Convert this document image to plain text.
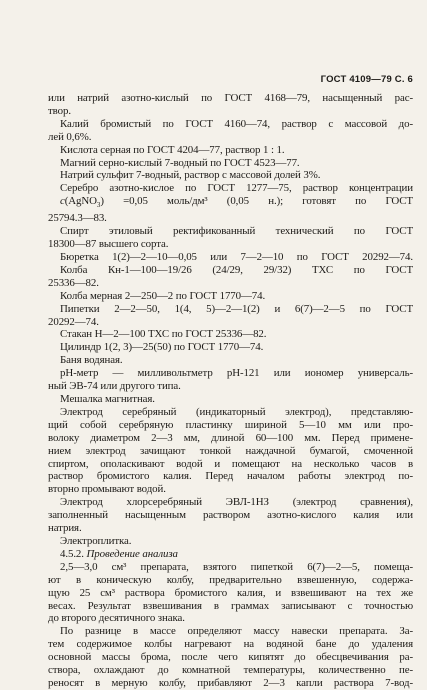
ГОСТ 4109—79 С. 6
или натрий азотно-кислый по ГОСТ 4168—79, насыщенный рас-
твор.
Калий бромистый по ГОСТ 4160—74, раствор с массовой до-
лей 0,6%.
Кислота серная по ГОСТ 4204—77, раствор 1 : 1.
Магний серно-кислый 7-водный по ГОСТ 4523—77.
Натрий сульфит 7-водный, раствор с массовой долей 3%.
Серебро азотно-кислое по ГОСТ 1277—75, раствор концентрации
c(AgNO$_3$) =0,05 моль/дм³ (0,05 н.); готовят по ГОСТ
25794.3—83.
Спирт этиловый ректификованный технический по ГОСТ
18300—87 высшего сорта.
Бюретка 1(2)—2—10—0,05 или 7—2—10 по ГОСТ 20292—74.
Колба Кн-1—100—19/26 (24/29, 29/32) ТХС по ГОСТ
25336—82.
Колба мерная 2—250—2 по ГОСТ 1770—74.
Пипетки 2—2—50, 1(4, 5)—2—1(2) и 6(7)—2—5 по ГОСТ
20292—74.
Стакан Н—2—100 ТХС по ГОСТ 25336—82.
Цилиндр 1(2, 3)—25(50) по ГОСТ 1770—74.
Баня водяная.
pH-метр — милливольтметр pH-121 или иономер универсаль-
ный ЭВ-74 или другого типа.
Мешалка магнитная.
Электрод серебряный (индикаторный электрод), представляю-
щий собой серебряную пластинку шириной 5—10 мм или про-
волоку диаметром 2—3 мм, длиной 60—100 мм. Перед примене-
нием электрод зачищают тонкой наждачной бумагой, смоченной
спиртом, ополаскивают водой и помещают на несколько часов в
раствор бромистого калия. Перед началом работы электрод по-
вторно промывают водой.
Электрод хлорсеребряный ЭВЛ-1НЗ (электрод сравнения),
заполненный насыщенным раствором азотно-кислого калия или
натрия.
Электроплитка.
4.5.2. Проведение анализа
2,5—3,0 см³ препарата, взятого пипеткой 6(7)—2—5, помеща-
ют в коническую колбу, предварительно взвешенную, содержа-
щую 25 см³ раствора бромистого калия, и взвешивают на тех же
весах. Результат взвешивания в граммах записывают с точностью
до второго десятичного знака.
По разнице в массе определяют массу навески препарата. За-
тем содержимое колбы нагревают на водяной бане до удаления
основной массы брома, после чего кипятят до обесцвечивания ра-
створа, охлаждают до комнатной температуры, количественно пе-
реносят в мерную колбу, прибавляют 2—3 капли раствора 7-вод-
